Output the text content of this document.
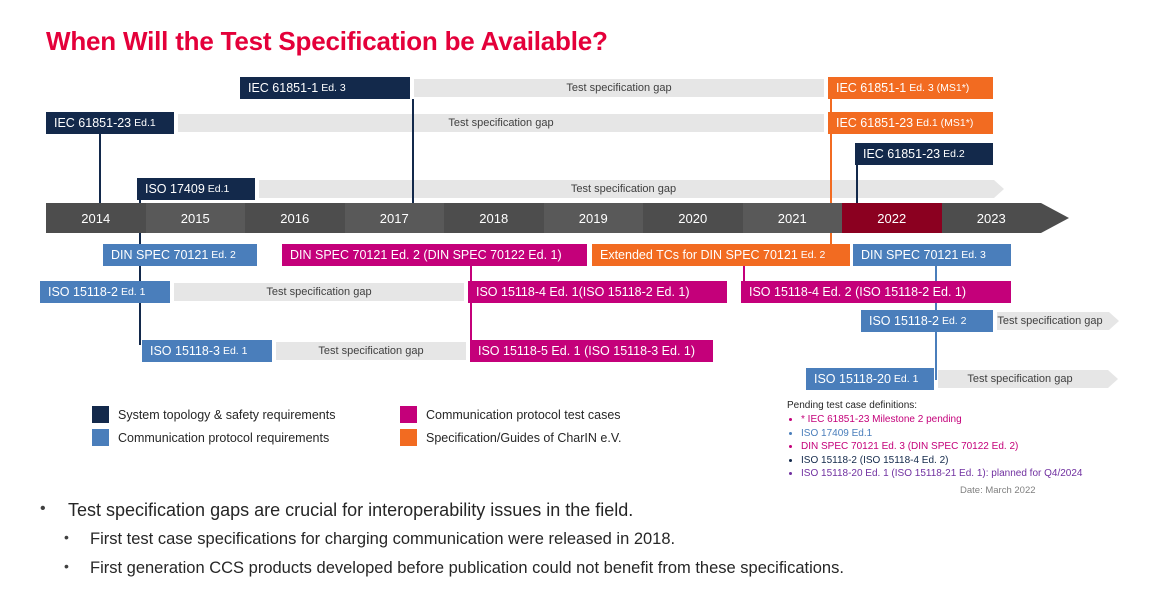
When Will the Test Specification be Available?
IEC 61851-1 Ed. 3	Test specification gap	IEC 61851-1 Ed. 3 (MS1*)
IEC 61851-23 Ed.1	Test specification gap	IEC 61851-23 Ed.1 (MS1*)
IEC 61851-23 Ed.2
ISO 17409 Ed.1	Test specification gap
2014	2015	2016	2017	2018	2019	2020	2021	2022	2023
DIN SPEC 70121 Ed. 2	DIN SPEC 70121 Ed. 2 (DIN SPEC 70122 Ed. 1)	Extended TCs for DIN SPEC 70121 Ed. 2	DIN SPEC 70121 Ed. 3
ISO 15118-2 Ed. 1	Test specification gap	ISO 15118-4 Ed. 1(ISO 15118-2 Ed. 1)	ISO 15118-4 Ed. 2 (ISO 15118-2 Ed. 1)
ISO 15118-2 Ed. 2	Test specification gap
ISO 15118-3 Ed. 1	Test specification gap	ISO 15118-5 Ed. 1 (ISO 15118-3 Ed. 1)
ISO 15118-20 Ed. 1	Test specification gap
System topology & safety requirements
Communication protocol requirements
Communication protocol test cases
Specification/Guides of CharIN e.V.
Pending test case definitions:
• * IEC 61851-23 Milestone 2 pending
• ISO 17409 Ed.1
• DIN SPEC 70121 Ed. 3 (DIN SPEC 70122 Ed. 2)
• ISO 15118-2 (ISO 15118-4 Ed. 2)
• ISO 15118-20 Ed. 1 (ISO 15118-21 Ed. 1): planned for Q4/2024
Date: March 2022
•	Test specification gaps are crucial for interoperability issues in the field.
•	First test case specifications for charging communication were released in 2018.
•	First generation CCS products developed before publication could not benefit from these specifications.
